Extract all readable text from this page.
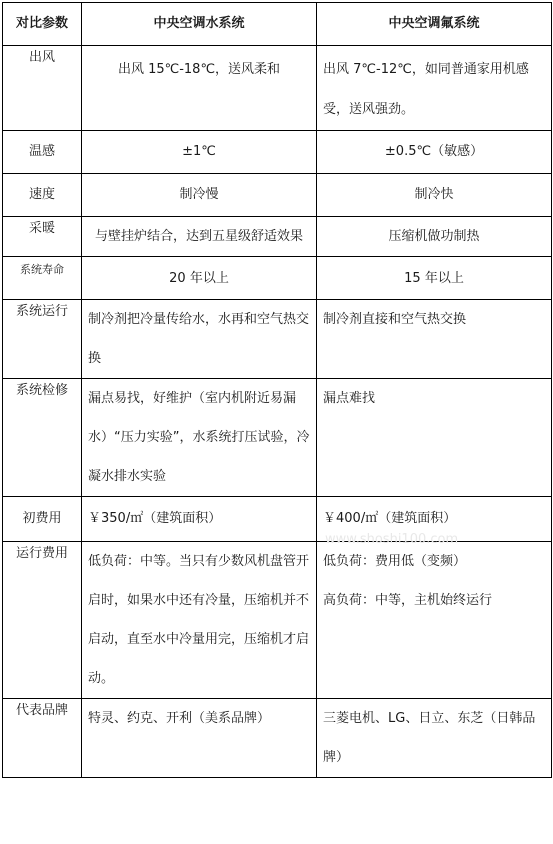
对比参数	中央空调水系统	中央空调氟系统
出风	出风 15℃-18℃，送风柔和	出风 7℃-12℃，如同普通家用机感受，送风强劲。
温感	±1℃	±0.5℃（敏感）
速度	制冷慢	制冷快
采暖	与壁挂炉结合，达到五星级舒适效果	压缩机做功制热
系统寿命	20 年以上	15 年以上
系统运行	制冷剂把冷量传给水，水再和空气热交换	制冷剂直接和空气热交换
系统检修	漏点易找，好维护（室内机附近易漏水）“压力实验”，水系统打压试验，冷凝水排水实验	漏点难找
初费用	￥350/㎡（建筑面积）	￥400/㎡（建筑面积）
运行费用	低负荷：中等。当只有少数风机盘管开启时，如果水中还有冷量，压缩机并不启动，直至水中冷量用完，压缩机才启动。	低负荷：费用低（变频）
高负荷：中等，主机始终运行

代表品牌	特灵、约克、开利（美系品牌）	三菱电机、LG、日立、东芝（日韩品牌）
www.shoshi100.com
